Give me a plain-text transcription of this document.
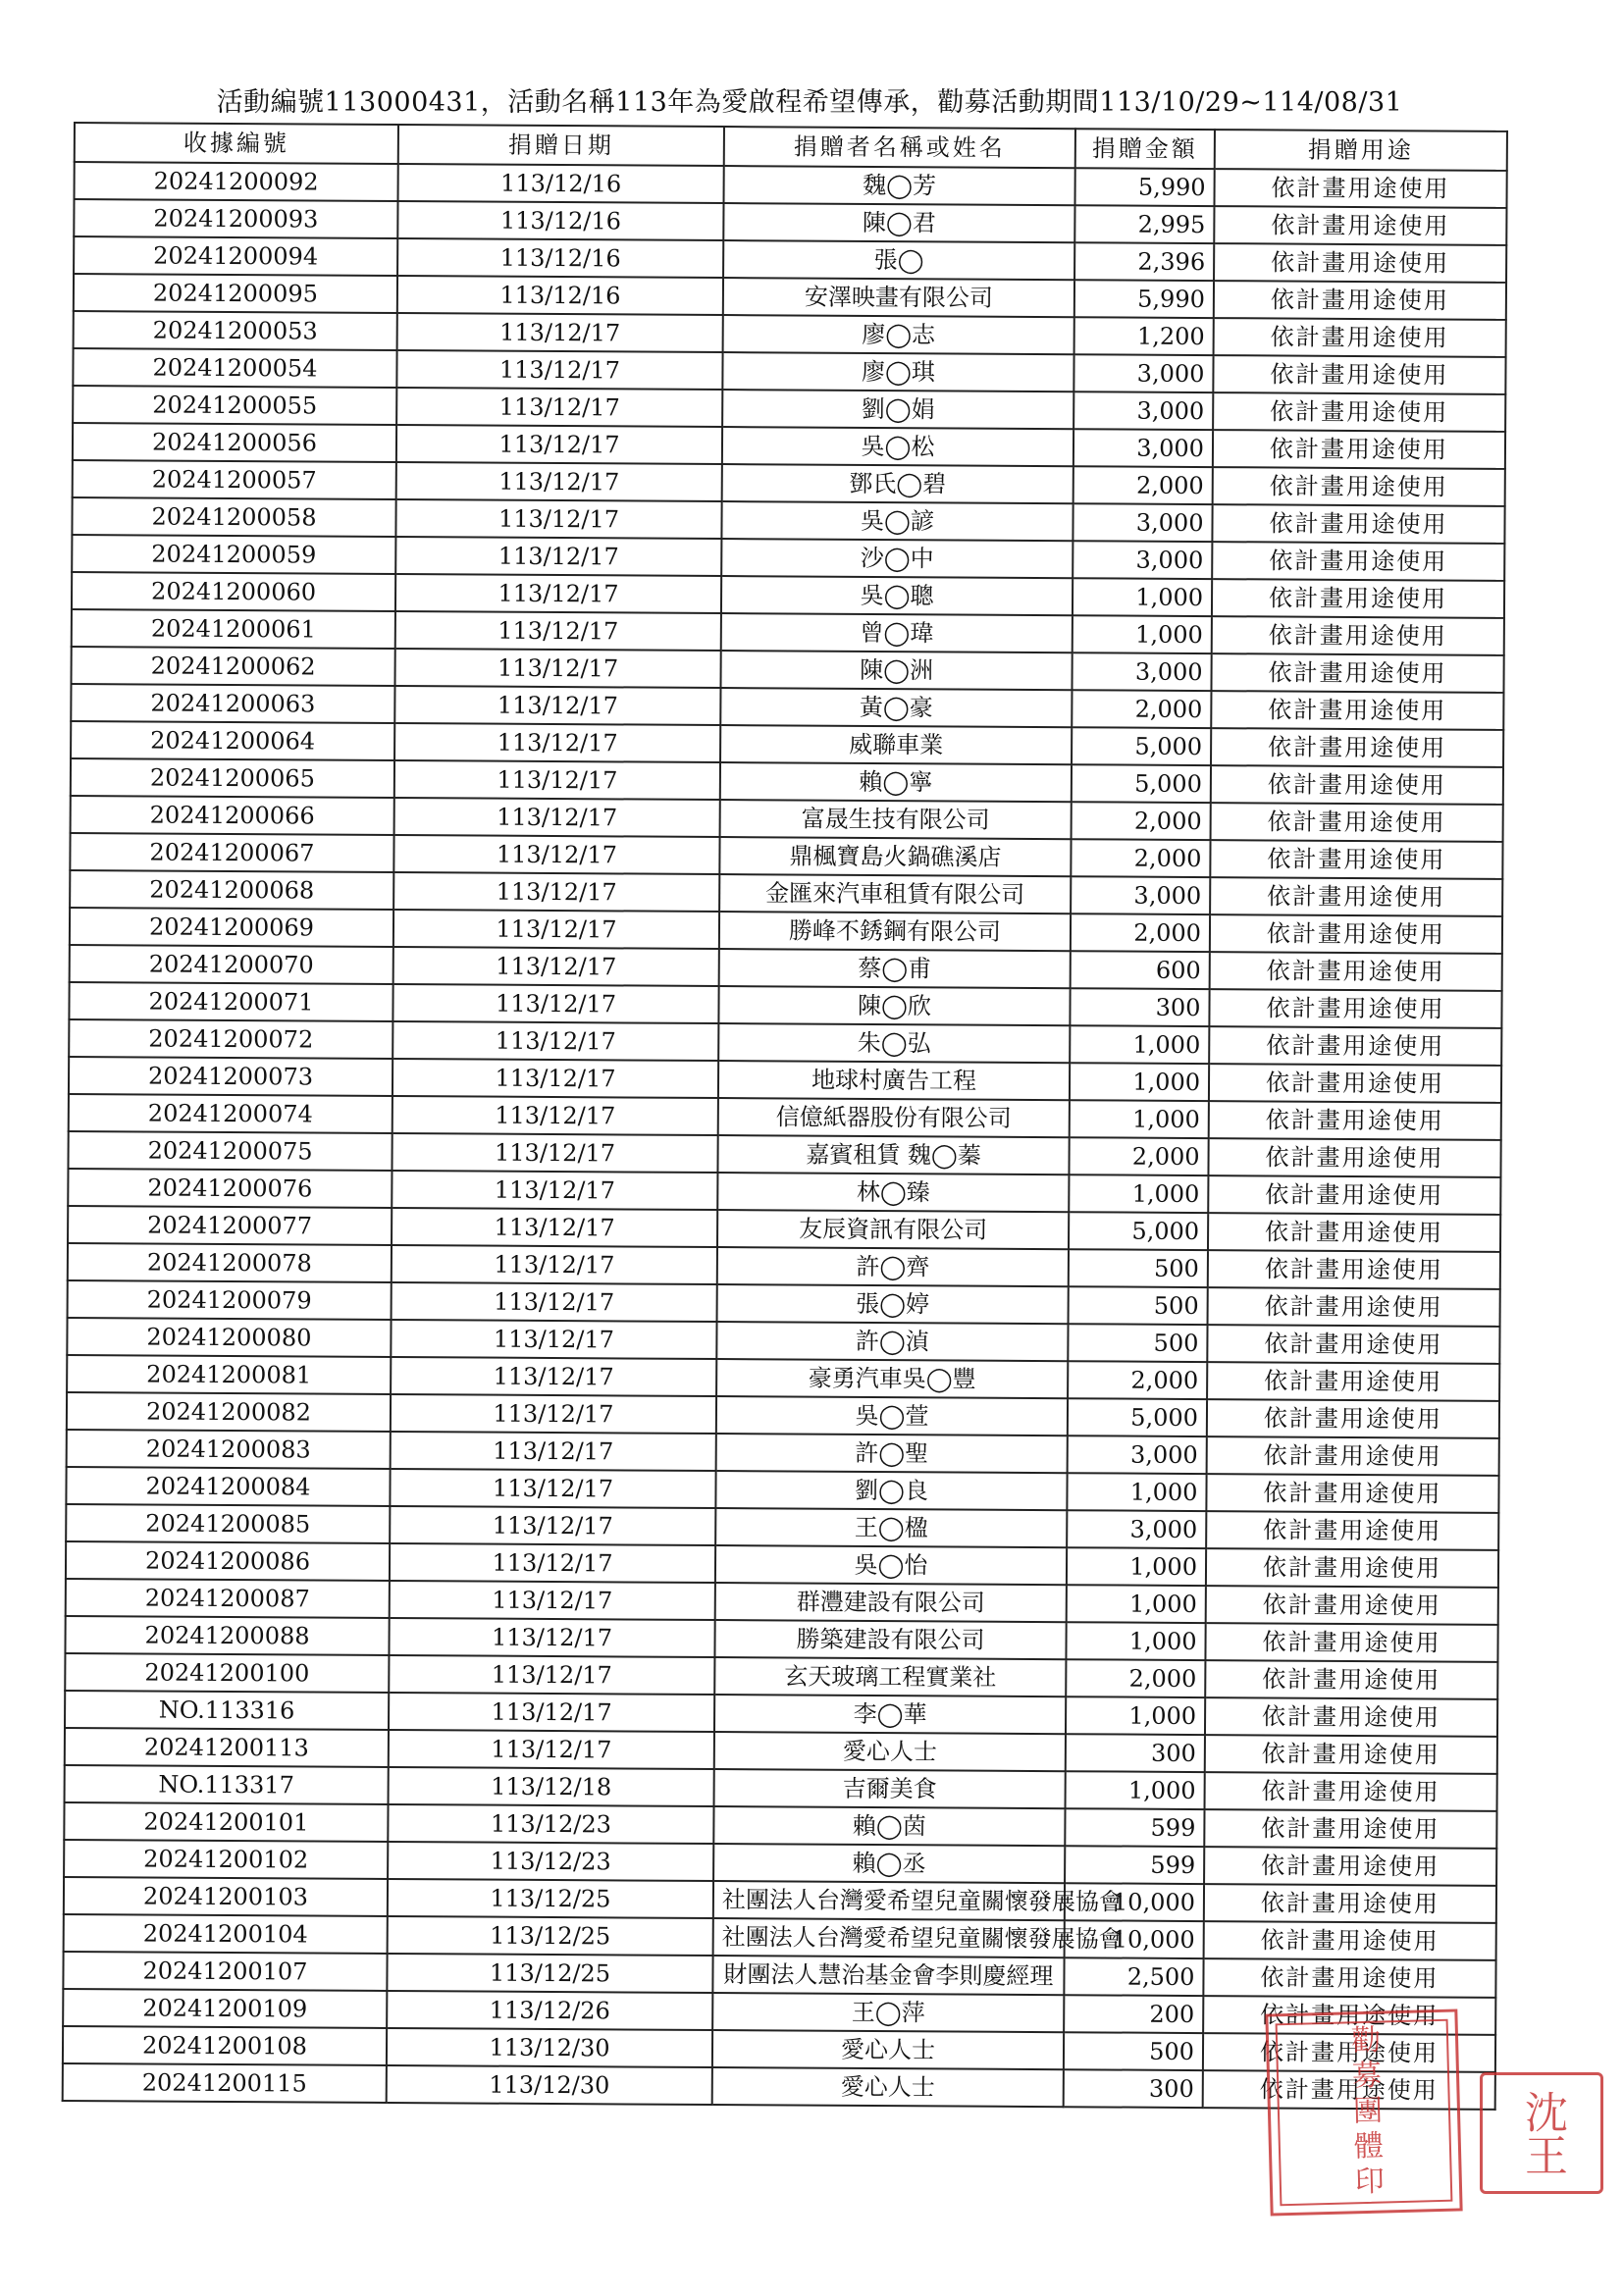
活動編號113000431，活動名稱113年為愛啟程希望傳承，勸募活動期間113/10/29~114/08/31
收據編號	捐贈日期	捐贈者名稱或姓名	捐贈金額	捐贈用途
20241200092	113/12/16	魏◯芳	5,990	依計畫用途使用
20241200093	113/12/16	陳◯君	2,995	依計畫用途使用
20241200094	113/12/16	張◯	2,396	依計畫用途使用
20241200095	113/12/16	安澤映畫有限公司	5,990	依計畫用途使用
20241200053	113/12/17	廖◯志	1,200	依計畫用途使用
20241200054	113/12/17	廖◯琪	3,000	依計畫用途使用
20241200055	113/12/17	劉◯娟	3,000	依計畫用途使用
20241200056	113/12/17	吳◯松	3,000	依計畫用途使用
20241200057	113/12/17	鄧氏◯碧	2,000	依計畫用途使用
20241200058	113/12/17	吳◯諺	3,000	依計畫用途使用
20241200059	113/12/17	沙◯中	3,000	依計畫用途使用
20241200060	113/12/17	吳◯聰	1,000	依計畫用途使用
20241200061	113/12/17	曾◯瑋	1,000	依計畫用途使用
20241200062	113/12/17	陳◯洲	3,000	依計畫用途使用
20241200063	113/12/17	黃◯豪	2,000	依計畫用途使用
20241200064	113/12/17	威聯車業	5,000	依計畫用途使用
20241200065	113/12/17	賴◯寧	5,000	依計畫用途使用
20241200066	113/12/17	富晟生技有限公司	2,000	依計畫用途使用
20241200067	113/12/17	鼎楓寶島火鍋礁溪店	2,000	依計畫用途使用
20241200068	113/12/17	金匯來汽車租賃有限公司	3,000	依計畫用途使用
20241200069	113/12/17	勝峰不銹鋼有限公司	2,000	依計畫用途使用
20241200070	113/12/17	蔡◯甫	600	依計畫用途使用
20241200071	113/12/17	陳◯欣	300	依計畫用途使用
20241200072	113/12/17	朱◯弘	1,000	依計畫用途使用
20241200073	113/12/17	地球村廣告工程	1,000	依計畫用途使用
20241200074	113/12/17	信億紙器股份有限公司	1,000	依計畫用途使用
20241200075	113/12/17	嘉賓租賃 魏◯蓁	2,000	依計畫用途使用
20241200076	113/12/17	林◯臻	1,000	依計畫用途使用
20241200077	113/12/17	友辰資訊有限公司	5,000	依計畫用途使用
20241200078	113/12/17	許◯齊	500	依計畫用途使用
20241200079	113/12/17	張◯婷	500	依計畫用途使用
20241200080	113/12/17	許◯湞	500	依計畫用途使用
20241200081	113/12/17	豪勇汽車吳◯豐	2,000	依計畫用途使用
20241200082	113/12/17	吳◯萱	5,000	依計畫用途使用
20241200083	113/12/17	許◯聖	3,000	依計畫用途使用
20241200084	113/12/17	劉◯良	1,000	依計畫用途使用
20241200085	113/12/17	王◯楹	3,000	依計畫用途使用
20241200086	113/12/17	吳◯怡	1,000	依計畫用途使用
20241200087	113/12/17	群灃建設有限公司	1,000	依計畫用途使用
20241200088	113/12/17	勝築建設有限公司	1,000	依計畫用途使用
20241200100	113/12/17	玄天玻璃工程實業社	2,000	依計畫用途使用
NO.113316	113/12/17	李◯華	1,000	依計畫用途使用
20241200113	113/12/17	愛心人士	300	依計畫用途使用
NO.113317	113/12/18	吉爾美食	1,000	依計畫用途使用
20241200101	113/12/23	賴◯茵	599	依計畫用途使用
20241200102	113/12/23	賴◯丞	599	依計畫用途使用
20241200103	113/12/25	社團法人台灣愛希望兒童關懷發展協會	10,000	依計畫用途使用
20241200104	113/12/25	社團法人台灣愛希望兒童關懷發展協會	10,000	依計畫用途使用
20241200107	113/12/25	財團法人慧治基金會李則慶經理	2,500	依計畫用途使用
20241200109	113/12/26	王◯萍	200	依計畫用途使用
20241200108	113/12/30	愛心人士	500	依計畫用途使用
20241200115	113/12/30	愛心人士	300	依計畫用途使用
勸募團體印	沈王
